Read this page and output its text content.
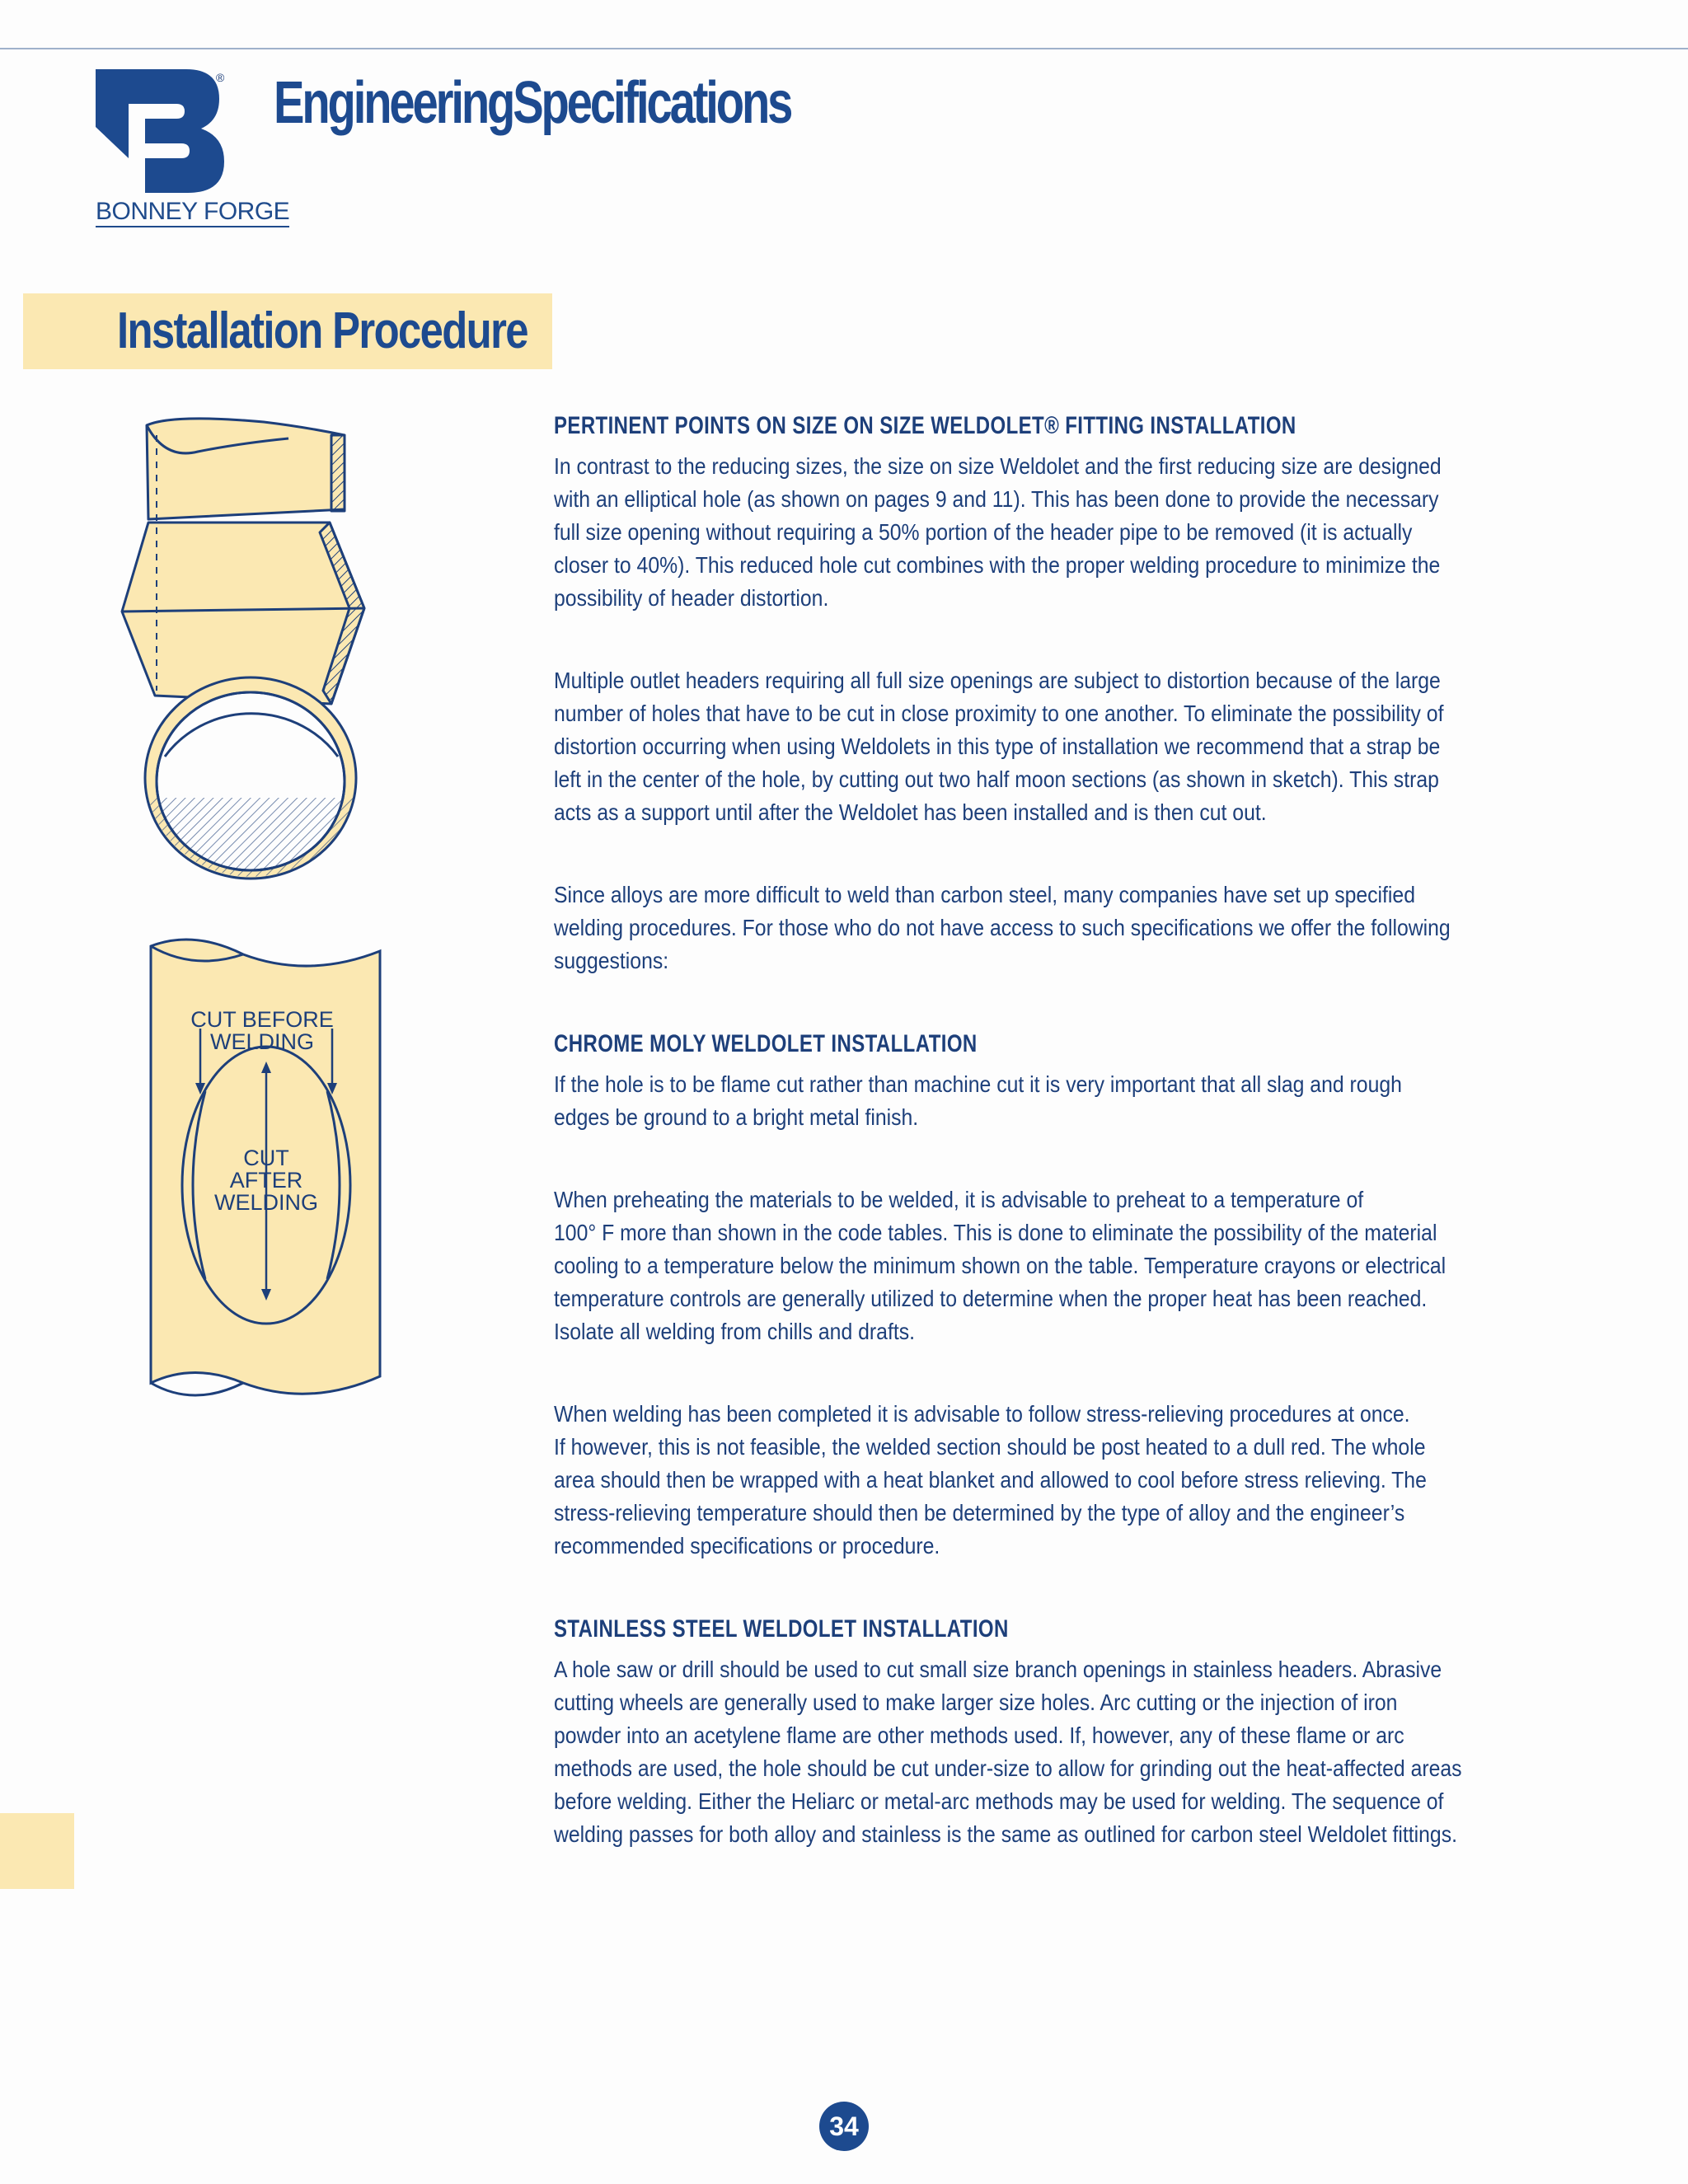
®
BONNEY FORGE
EngineeringSpecifications
Installation Procedure
CUT BEFORE
WELDING
CUT
AFTER
WELDING
PERTINENT POINTS ON SIZE ON SIZE WELDOLET® FITTING INSTALLATION

In contrast to the reducing sizes, the size on size Weldolet and the first reducing size are designed
with an elliptical hole (as shown on pages 9 and 11). This has been done to provide the necessary
full size opening without requiring a 50% portion of the header pipe to be removed (it is actually
closer to 40%). This reduced hole cut combines with the proper welding procedure to minimize the
possibility of header distortion.

Multiple outlet headers requiring all full size openings are subject to distortion because of the large
number of holes that have to be cut in close proximity to one another. To eliminate the possibility of
distortion occurring when using Weldolets in this type of installation we recommend that a strap be
left in the center of the hole, by cutting out two half moon sections (as shown in sketch). This strap
acts as a support until after the Weldolet has been installed and is then cut out.

Since alloys are more difficult to weld than carbon steel, many companies have set up specified
welding procedures. For those who do not have access to such specifications we offer the following
suggestions:

CHROME MOLY WELDOLET INSTALLATION

If the hole is to be flame cut rather than machine cut it is very important that all slag and rough
edges be ground to a bright metal finish.

When preheating the materials to be welded, it is advisable to preheat to a temperature of
100° F more than shown in the code tables. This is done to eliminate the possibility of the material
cooling to a temperature below the minimum shown on the table. Temperature crayons or electrical
temperature controls are generally utilized to determine when the proper heat has been reached.
Isolate all welding from chills and drafts.

When welding has been completed it is advisable to follow stress-relieving procedures at once.
If however, this is not feasible, the welded section should be post heated to a dull red. The whole
area should then be wrapped with a heat blanket and allowed to cool before stress relieving. The
stress-relieving temperature should then be determined by the type of alloy and the engineer’s
recommended specifications or procedure.

STAINLESS STEEL WELDOLET INSTALLATION

A hole saw or drill should be used to cut small size branch openings in stainless headers. Abrasive
cutting wheels are generally used to make larger size holes. Arc cutting or the injection of iron
powder into an acetylene flame are other methods used. If, however, any of these flame or arc
methods are used, the hole should be cut under-size to allow for grinding out the heat-affected areas
before welding. Either the Heliarc or metal-arc methods may be used for welding. The sequence of
welding passes for both alloy and stainless is the same as outlined for carbon steel Weldolet fittings.

34
